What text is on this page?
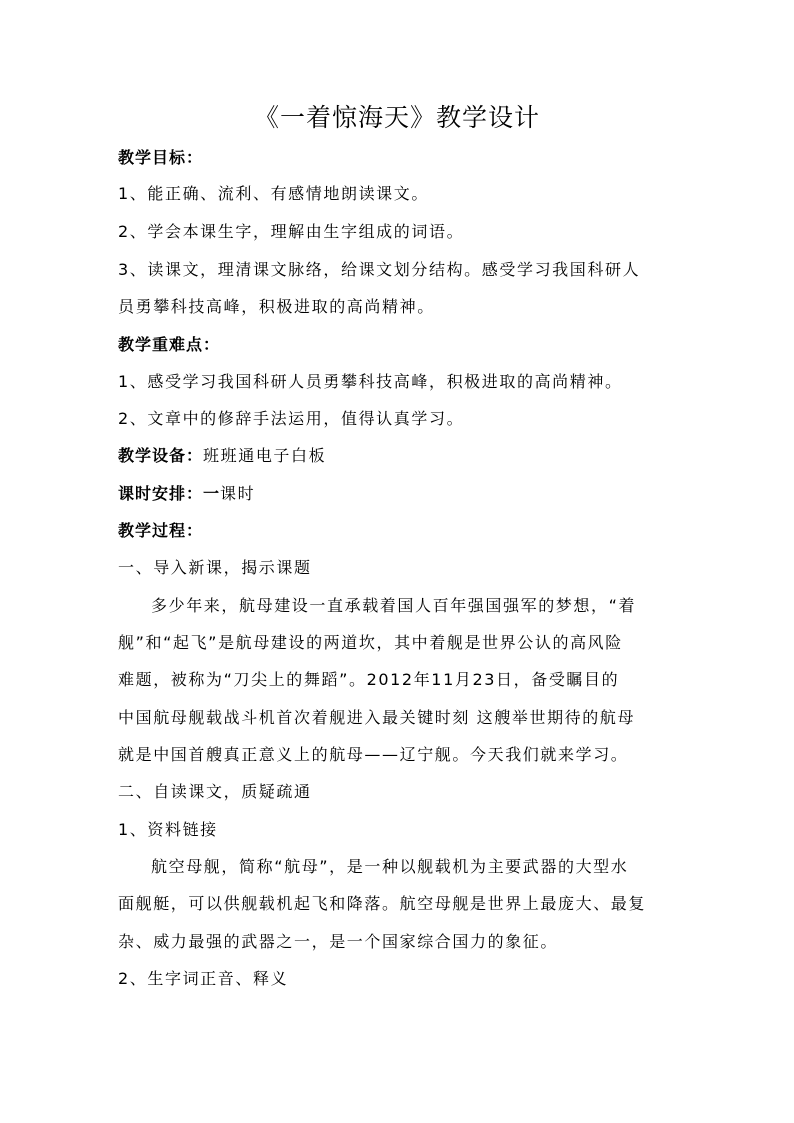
《一着惊海天》教学设计
教学目标：
1、能正确、流利、有感情地朗读课文。
2、学会本课生字，理解由生字组成的词语。
3、读课文，理清课文脉络，给课文划分结构。感受学习我国科研人
员勇攀科技高峰，积极进取的高尚精神。
教学重难点：
1、感受学习我国科研人员勇攀科技高峰，积极进取的高尚精神。
2、文章中的修辞手法运用，值得认真学习。
教学设备：班班通电子白板
课时安排：一课时
教学过程：
一、导入新课，揭示课题
多少年来，航母建设一直承载着国人百年强国强军的梦想，“着
舰”和“起飞”是航母建设的两道坎，其中着舰是世界公认的高风险
难题，被称为“刀尖上的舞蹈”。2012年11月23日，备受瞩目的
中国航母舰载战斗机首次着舰进入最关键时刻 这艘举世期待的航母
就是中国首艘真正意义上的航母——辽宁舰。今天我们就来学习。
二、自读课文，质疑疏通
1、资料链接
航空母舰，简称“航母”，是一种以舰载机为主要武器的大型水
面舰艇，可以供舰载机起飞和降落。航空母舰是世界上最庞大、最复
杂、威力最强的武器之一，是一个国家综合国力的象征。
2、生字词正音、释义
